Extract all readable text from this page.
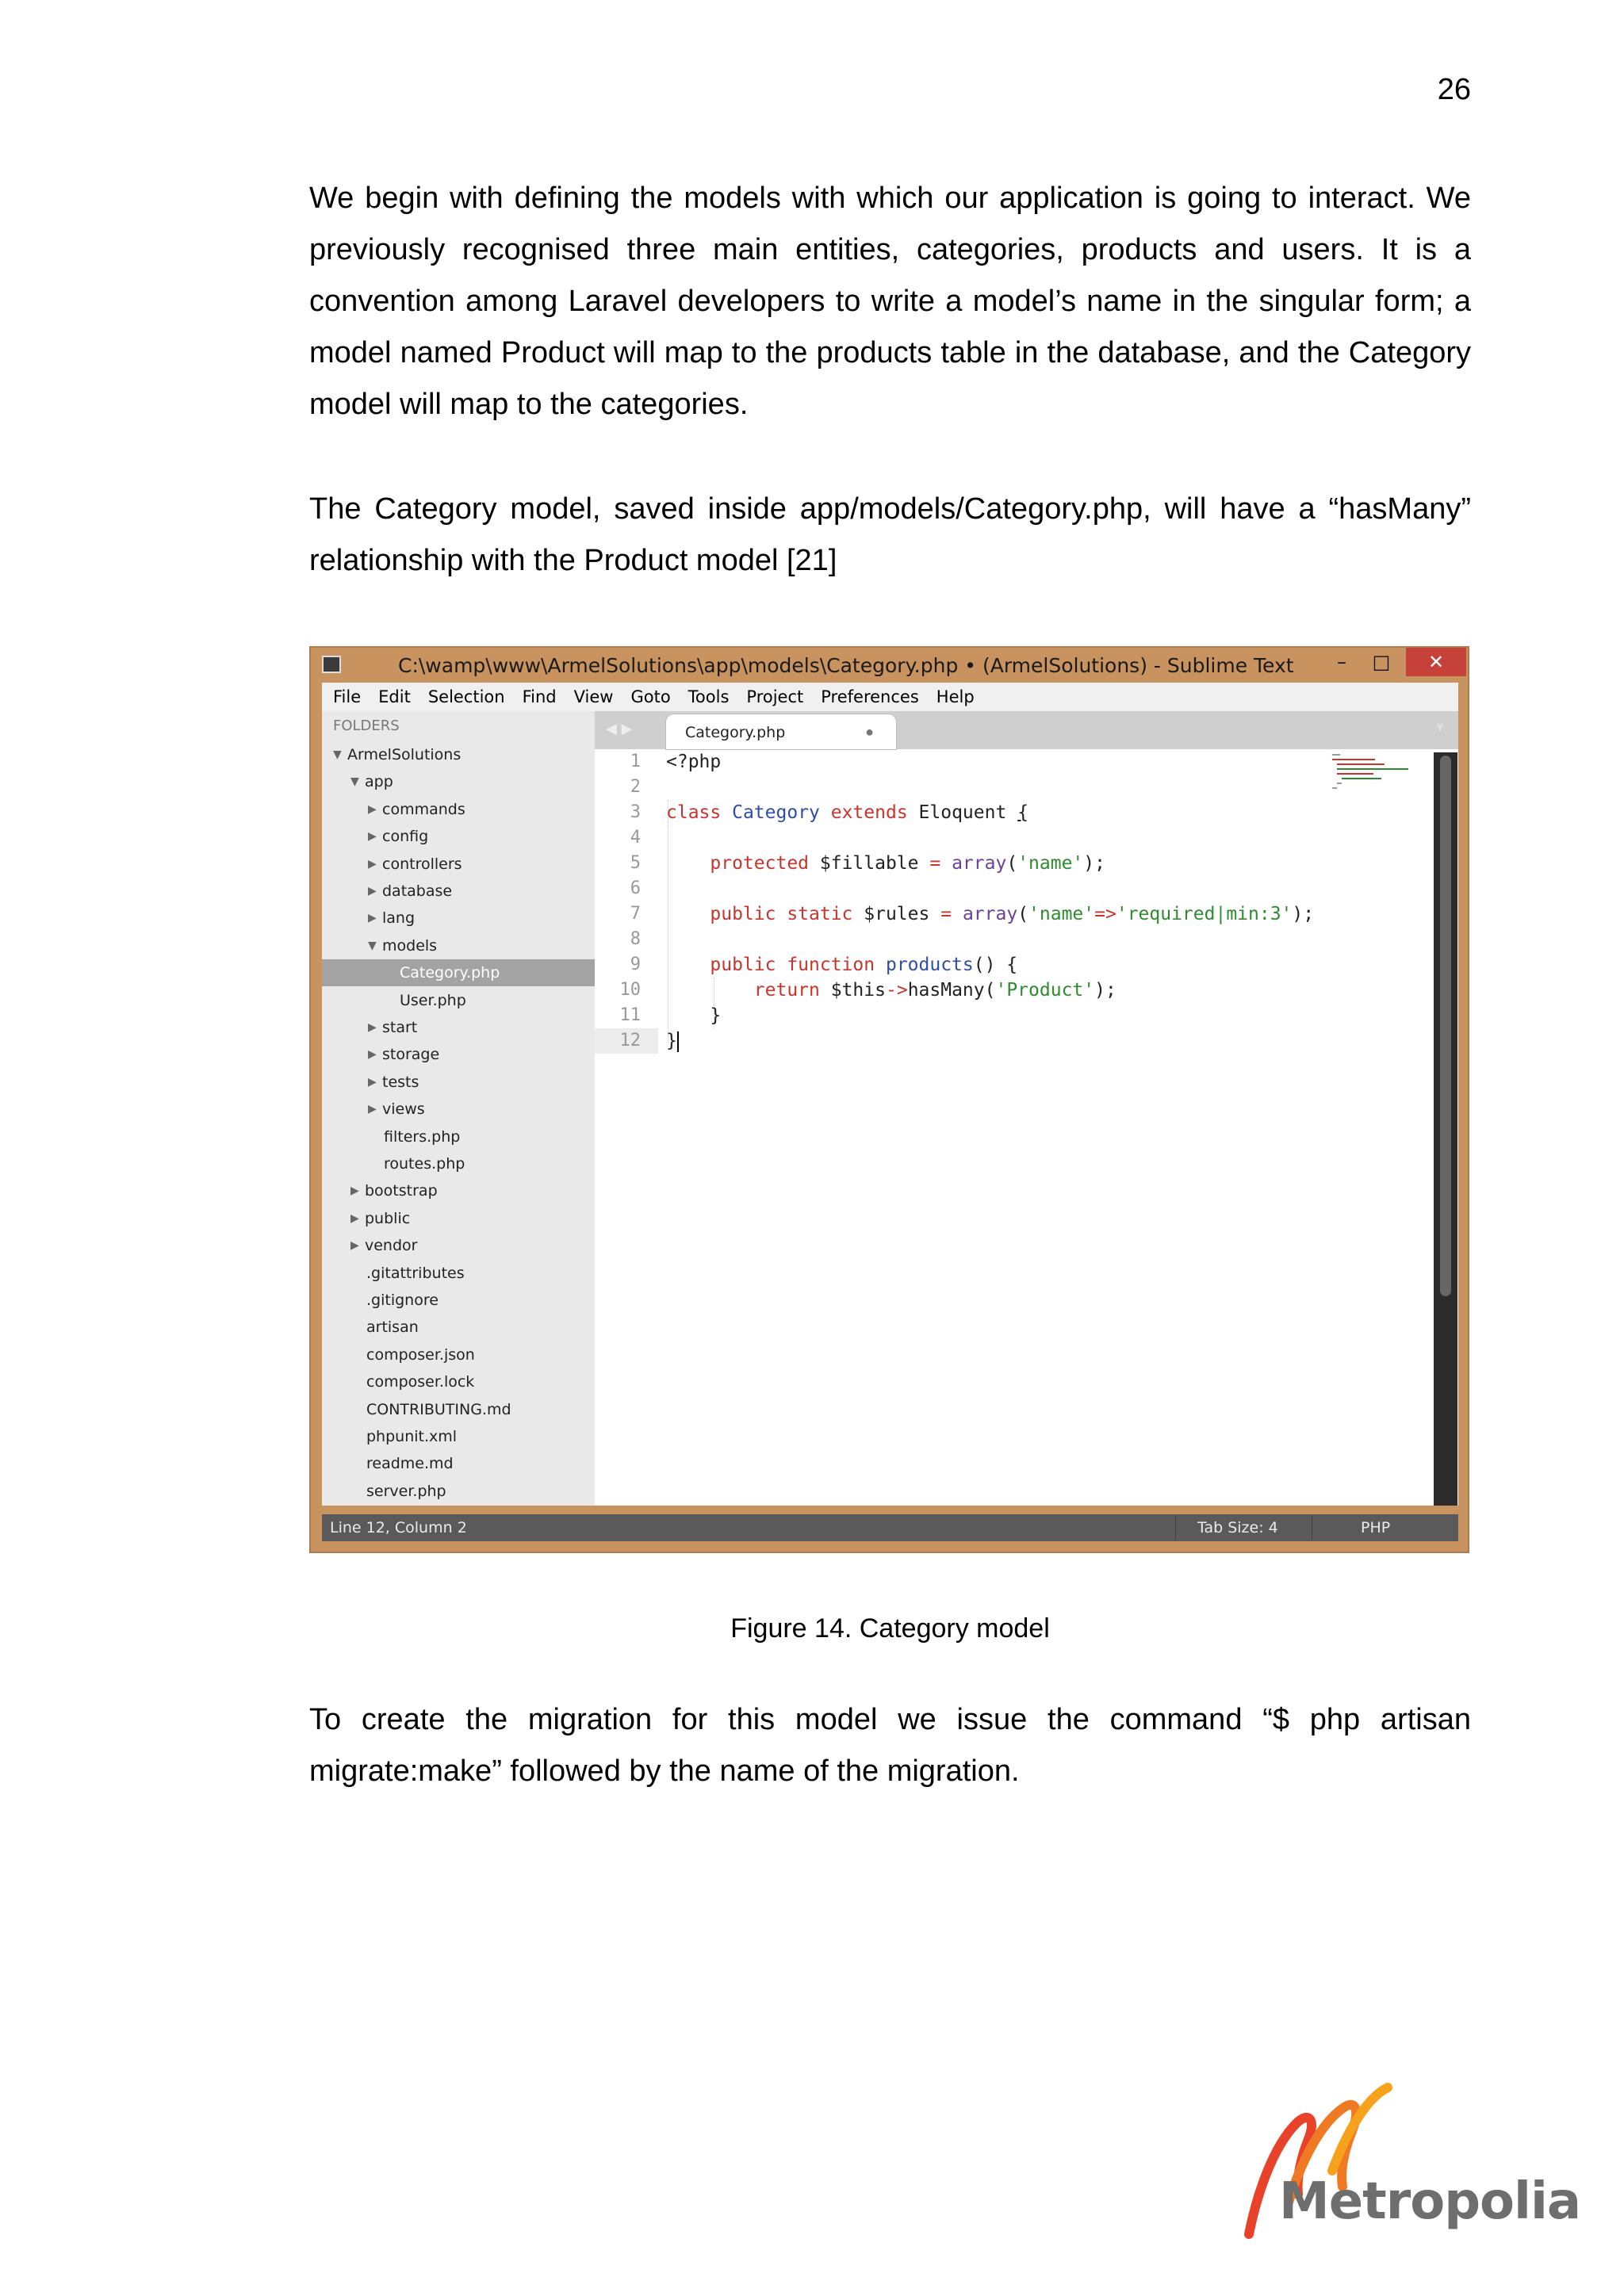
26

We begin with defining the models with which our application is going to interact. We previously recognised three main entities, categories, products and users. It is a convention among Laravel developers to write a model’s name in the singular form; a model named Product will map to the products table in the database, and the Category model will map to the categories.

The Category model, saved inside app/models/Category.php, will have a “hasMany” relationship with the Product model [21]

C:\wamp\www\ArmelSolutions\app\models\Category.php • (ArmelSolutions) - Sublime Text	–	□	✕
File Edit Selection Find View Goto Tools Project Preferences Help
FOLDERS
▼ ArmelSolutions
▼ app
▶ commands
▶ config
▶ controllers
▶ database
▶ lang
▼ models
Category.php
User.php
▶ start
▶ storage
▶ tests
▶ views
filters.php
routes.php
▶ bootstrap
▶ public
▶ vendor
.gitattributes
.gitignore
artisan
composer.json
composer.lock
CONTRIBUTING.md
phpunit.xml
readme.md
server.php
◀ ▶	Category.php	●	▼
1
2
3
4
5
6
7
8
9
10
11
12
<?php
class Category extends Eloquent {
protected $fillable = array('name');
public static $rules = array('name'=>'required|min:3');
public function products() {
return $this->hasMany('Product');
}
}
Line 12, Column 2	Tab Size: 4	PHP
Figure 14. Category model

To create the migration for this model we issue the command “$ php artisan migrate:make” followed by the name of the migration.

Metropolia
